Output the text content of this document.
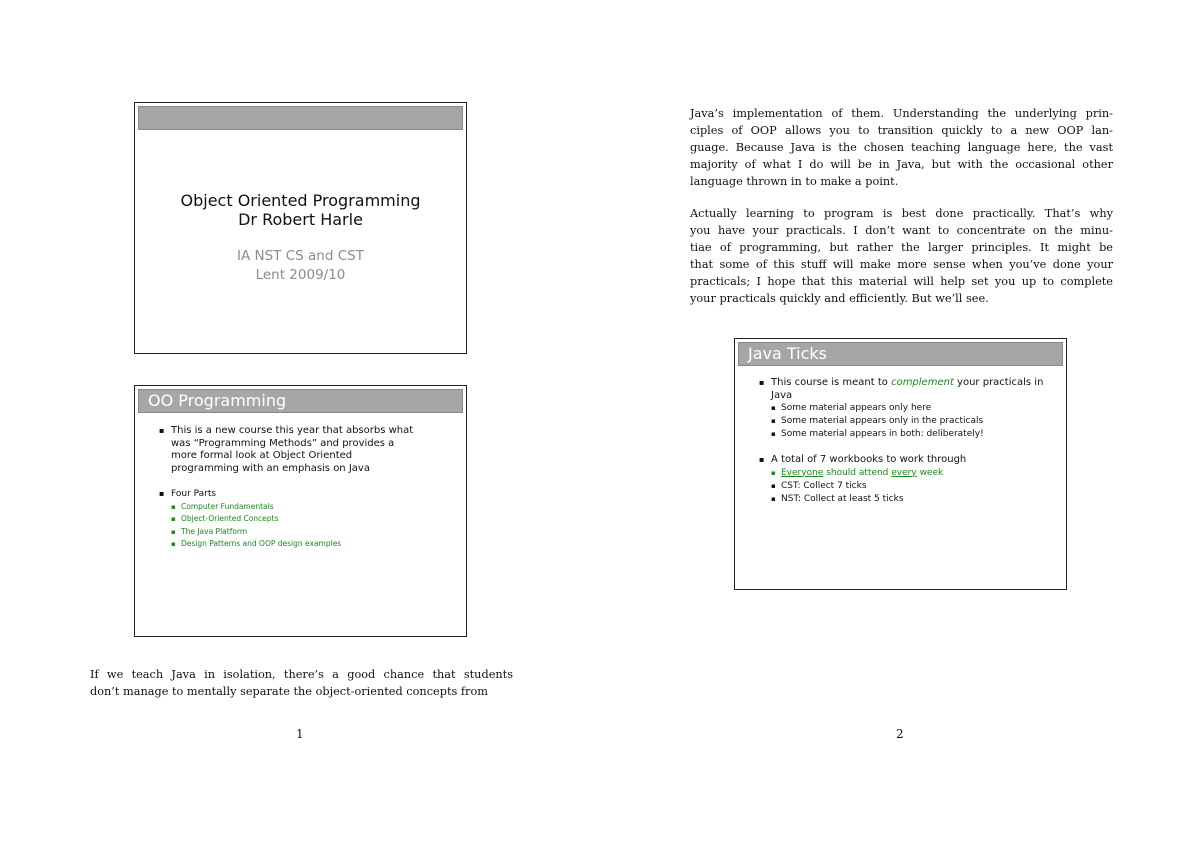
Object Oriented Programming
Dr Robert Harle
IA NST CS and CST
Lent 2009/10
OO Programming
▪ This is a new course this year that absorbs what
was “Programming Methods” and provides a
more formal look at Object Oriented
programming with an emphasis on Java
▪ Four Parts
▪ Computer Fundamentals
▪ Object-Oriented Concepts
▪ The Java Platform
▪ Design Patterns and OOP design examples
If we teach Java in isolation, there’s a good chance that students
don’t manage to mentally separate the object-oriented concepts from
1
Java’s implementation of them. Understanding the underlying prin-
ciples of OOP allows you to transition quickly to a new OOP lan-
guage. Because Java is the chosen teaching language here, the vast
majority of what I do will be in Java, but with the occasional other
language thrown in to make a point.
Actually learning to program is best done practically. That’s why
you have your practicals. I don’t want to concentrate on the minu-
tiae of programming, but rather the larger principles. It might be
that some of this stuff will make more sense when you’ve done your
practicals; I hope that this material will help set you up to complete
your practicals quickly and efficiently. But we’ll see.
Java Ticks
▪ This course is meant to complement your practicals in
Java
▪ Some material appears only here
▪ Some material appears only in the practicals
▪ Some material appears in both: deliberately!
▪ A total of 7 workbooks to work through
▪ Everyone should attend every week
▪ CST: Collect 7 ticks
▪ NST: Collect at least 5 ticks
2
